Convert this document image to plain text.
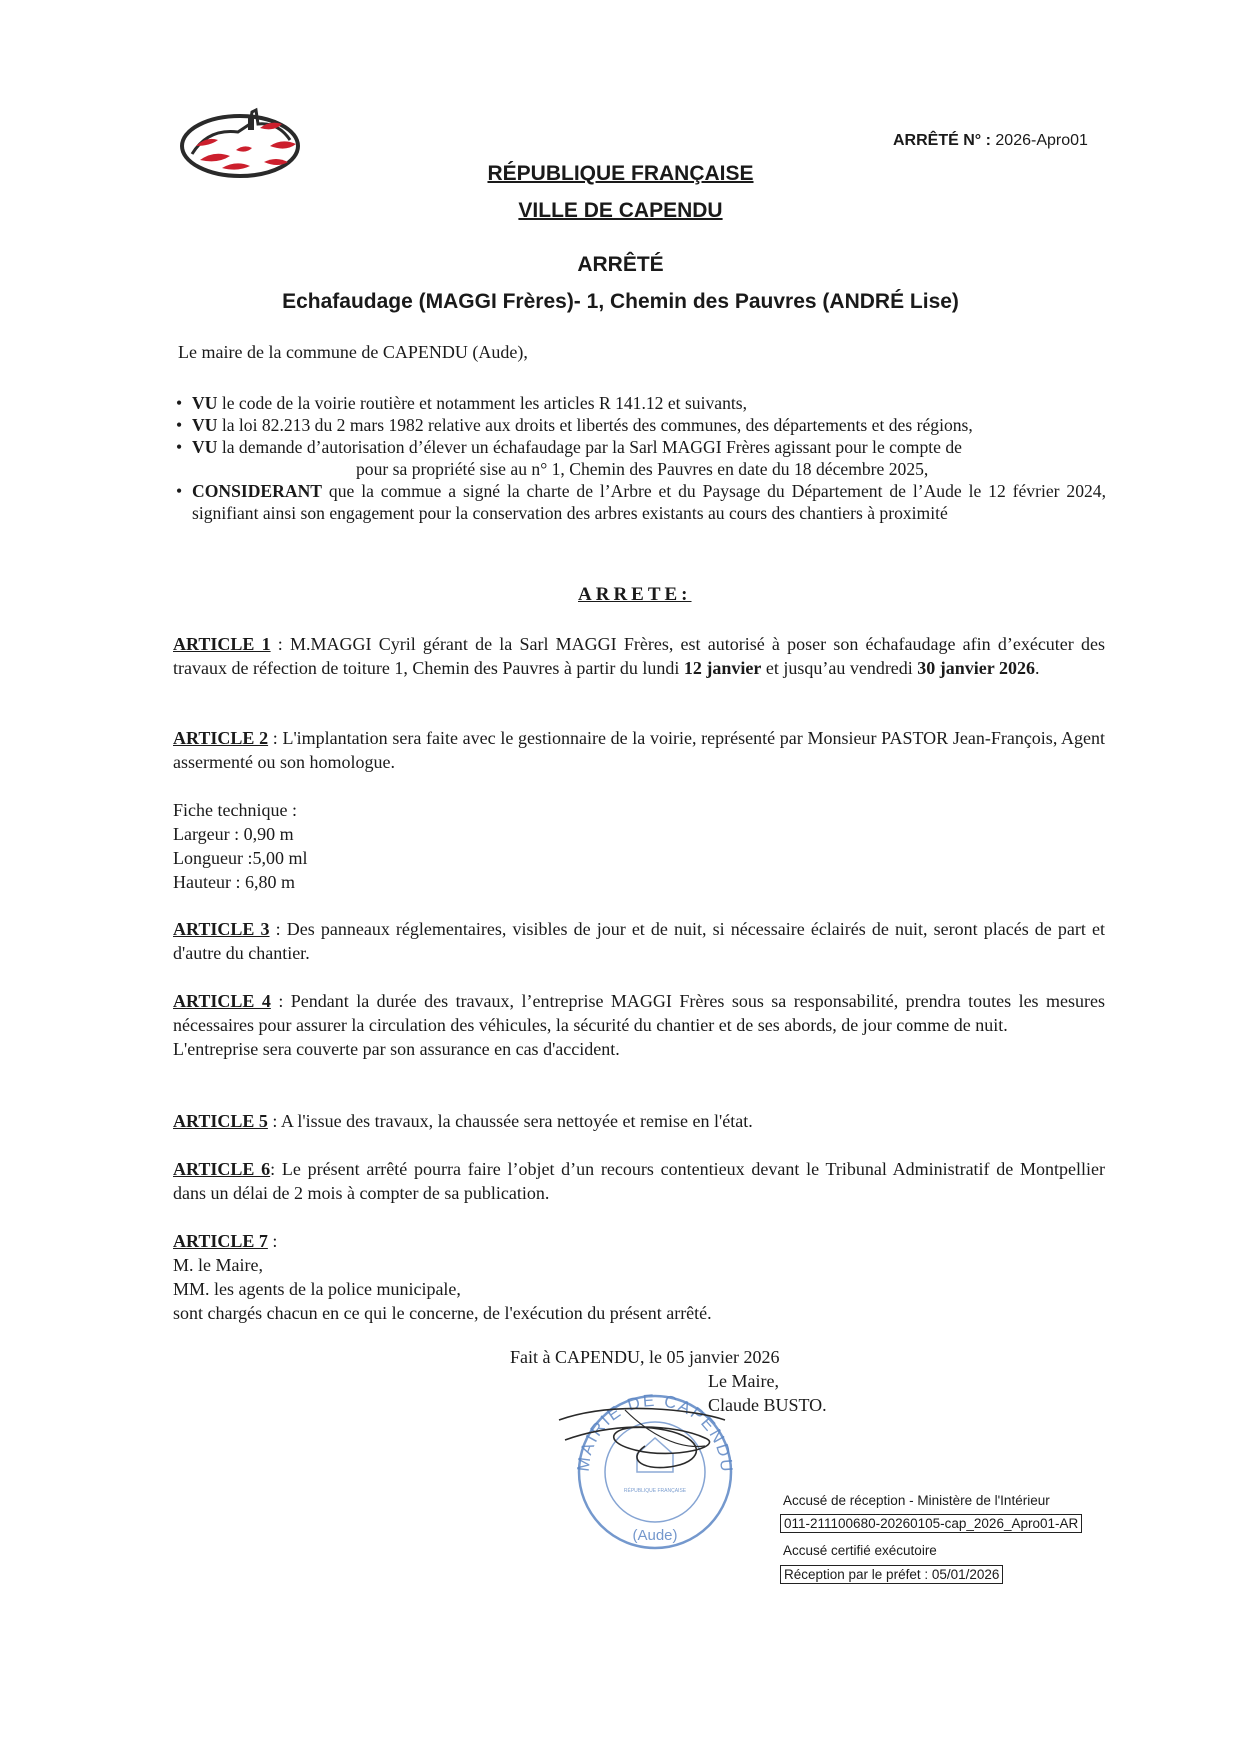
ARRÊTÉ N° : 2026-Apro01
RÉPUBLIQUE FRANÇAISE
VILLE DE CAPENDU
ARRÊTÉ
Echafaudage (MAGGI Frères)- 1, Chemin des Pauvres (ANDRÉ Lise)
Le maire de la commune de CAPENDU (Aude),
• VU le code de la voirie routière et notamment les articles R 141.12 et suivants,
• VU la loi 82.213 du 2 mars 1982 relative aux droits et libertés des communes, des départements et des régions,
• VU la demande d’autorisation d’élever un échafaudage par la Sarl MAGGI Frères agissant pour le compte de
pour sa propriété sise au n° 1, Chemin des Pauvres en date du 18 décembre 2025,
• CONSIDERANT que la commue a signé la charte de l’Arbre et du Paysage du Département de l’Aude le 12 février 2024, signifiant ainsi son engagement pour la conservation des arbres existants au cours des chantiers à proximité
ARRETE:
ARTICLE 1 : M.MAGGI Cyril gérant de la Sarl MAGGI Frères, est autorisé à poser son échafaudage afin d’exécuter des travaux de réfection de toiture 1, Chemin des Pauvres à partir du lundi 12 janvier et jusqu’au vendredi 30 janvier 2026.
ARTICLE 2 : L'implantation sera faite avec le gestionnaire de la voirie, représenté par Monsieur PASTOR Jean-François, Agent assermenté ou son homologue.
Fiche technique :
Largeur : 0,90 m
Longueur :5,00 ml
Hauteur : 6,80 m
ARTICLE 3 : Des panneaux réglementaires, visibles de jour et de nuit, si nécessaire éclairés de nuit, seront placés de part et d'autre du chantier.
ARTICLE 4 : Pendant la durée des travaux, l’entreprise MAGGI Frères sous sa responsabilité, prendra toutes les mesures nécessaires pour assurer la circulation des véhicules, la sécurité du chantier et de ses abords, de jour comme de nuit.
L'entreprise sera couverte par son assurance en cas d'accident.
ARTICLE 5 : A l'issue des travaux, la chaussée sera nettoyée et remise en l'état.
ARTICLE 6: Le présent arrêté pourra faire l’objet d’un recours contentieux devant le Tribunal Administratif de Montpellier dans un délai de 2 mois à compter de sa publication.
ARTICLE 7 :
M. le Maire,
MM. les agents de la police municipale,
sont chargés chacun en ce qui le concerne, de l'exécution du présent arrêté.
Fait à CAPENDU, le 05 janvier 2026
Le Maire,
Claude BUSTO.
MAIRIE DE CAPENDU
(Aude)
RÉPUBLIQUE FRANÇAISE
Accusé de réception - Ministère de l'Intérieur
011-211100680-20260105-cap_2026_Apro01-AR
Accusé certifié exécutoire
Réception par le préfet : 05/01/2026
